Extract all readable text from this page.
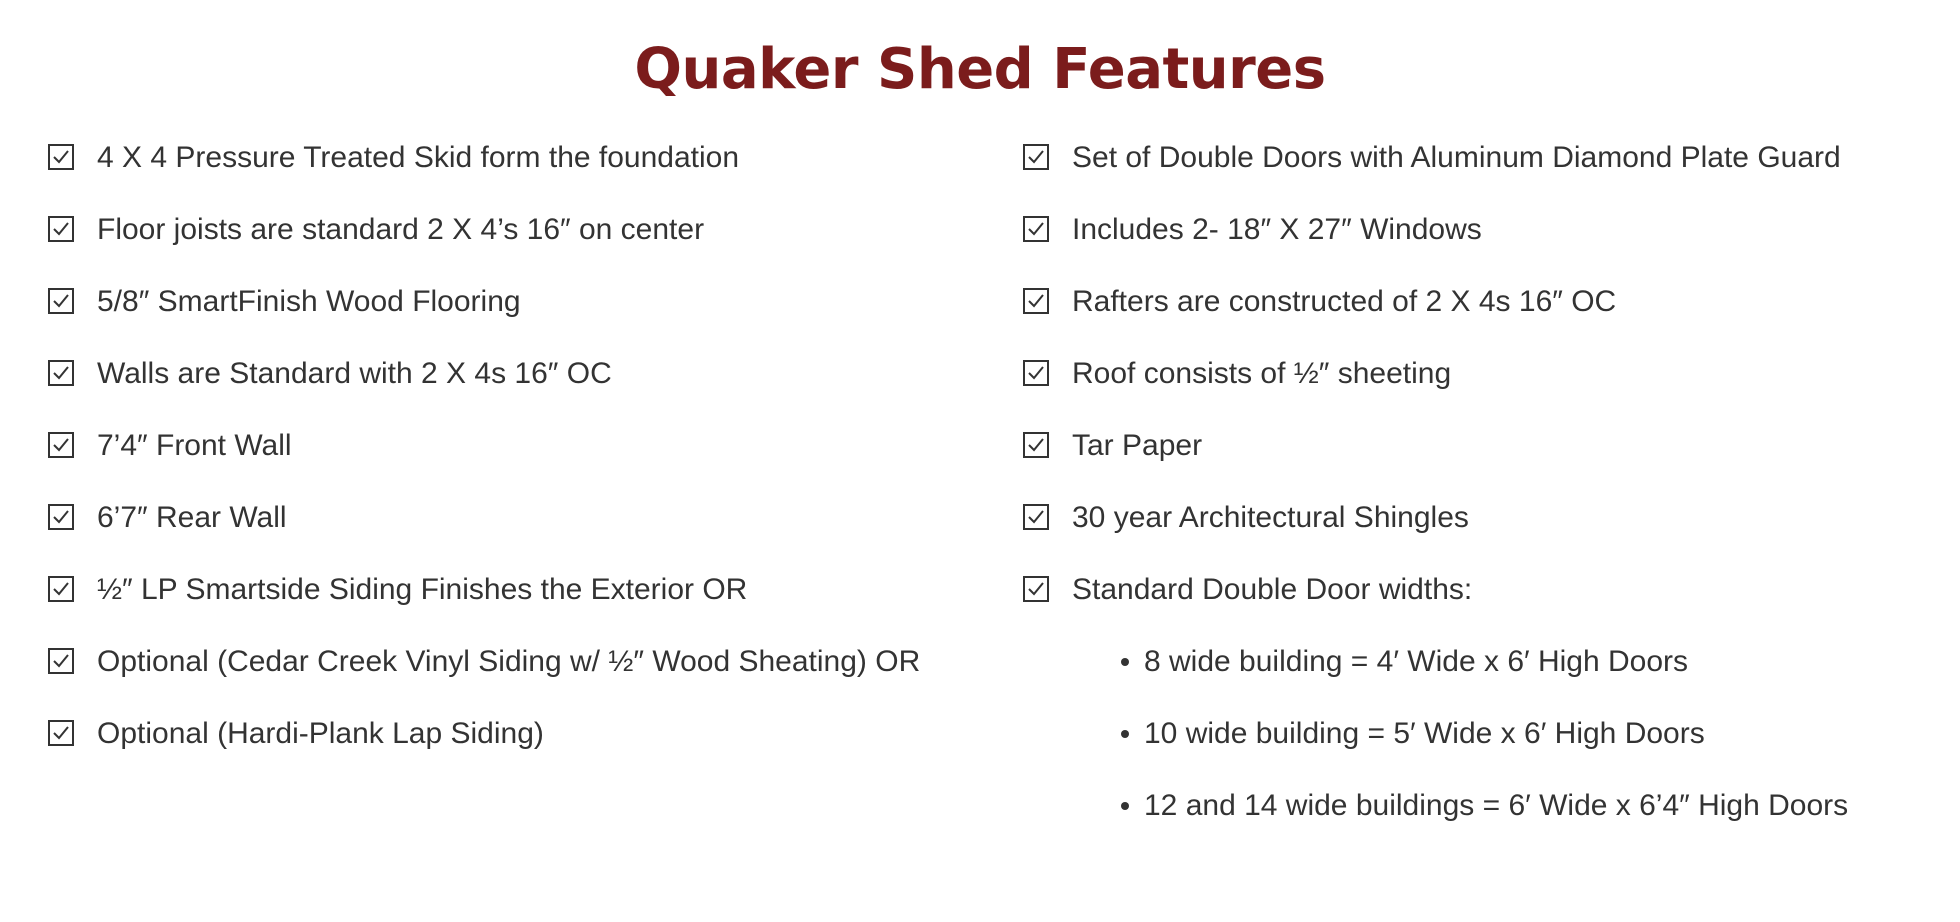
Quaker Shed Features
4 X 4 Pressure Treated Skid form the foundation
Floor joists are standard 2 X 4’s 16″ on center
5/8″ SmartFinish Wood Flooring
Walls are Standard with 2 X 4s 16″ OC
7’4″ Front Wall
6’7″ Rear Wall
½″ LP Smartside Siding Finishes the Exterior OR
Optional (Cedar Creek Vinyl Siding w/ ½″ Wood Sheating) OR
Optional (Hardi-Plank Lap Siding)
Set of Double Doors with Aluminum Diamond Plate Guard
Includes 2- 18″ X 27″ Windows
Rafters are constructed of 2 X 4s 16″ OC
Roof consists of ½″ sheeting
Tar Paper
30 year Architectural Shingles
Standard Double Door widths:
8 wide building = 4′ Wide x 6′ High Doors
10 wide building = 5′ Wide x 6′ High Doors
12 and 14 wide buildings = 6′ Wide x 6’4″ High Doors
